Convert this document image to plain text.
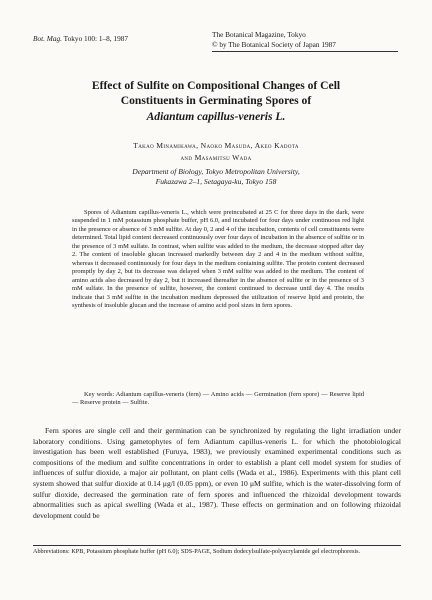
Bot. Mag. Tokyo 100: 1–8, 1987	The Botanical Magazine, Tokyo
© by The Botanical Society of Japan 1987
Effect of Sulfite on Compositional Changes of Cell
Constituents in Germinating Spores of
Adiantum capillus-veneris L.
Takao Minamikawa, Naoko Masuda, Akeo Kadota
and Masamitsu Wada
Department of Biology, Tokyo Metropolitan University,
Fukazawa 2–1, Setagaya-ku, Tokyo 158

Spores of Adiantum capillus-veneris L., which were preincubated at 25 C for three days in the dark, were suspended in 1 mM potassium phosphate buffer, pH 6.0, and incubated for four days under continuous red light in the presence or absence of 3 mM sulfite. At day 0, 2 and 4 of the incubation, contents of cell constituents were determined. Total lipid content decreased continuously over four days of incubation in the absence of sulfite or in the presence of 3 mM sulfate. In contrast, when sulfite was added to the medium, the decrease stopped after day 2. The content of insoluble glucan increased markedly between day 2 and 4 in the medium without sulfite, whereas it decreased continuously for four days in the medium containing sulfite. The protein content decreased promptly by day 2, but its decrease was delayed when 3 mM sulfite was added to the medium. The content of amino acids also decreased by day 2, but it increased thereafter in the absence of sulfite or in the presence of 3 mM sulfate. In the presence of sulfite, however, the content continued to decrease until day 4. The results indicate that 3 mM sulfite in the incubation medium depressed the utilization of reserve lipid and protein, the synthesis of insoluble glucan and the increase of amino acid pool sizes in fern spores.

Key words: Adiantum capillus-veneris (fern) — Amino acids — Germination (fern spore) — Reserve lipid — Reserve protein — Sulfite.

Fern spores are single cell and their germination can be synchronized by regulating the light irradiation under laboratory conditions. Using gametophytes of fern Adiantum capillus-veneris L. for which the photobiological investigation has been well established (Furuya, 1983), we previously examined experimental conditions such as compositions of the medium and sulfite concentrations in order to establish a plant cell model system for studies of influences of sulfur dioxide, a major air pollutant, on plant cells (Wada et al., 1986). Experiments with this plant cell system showed that sulfur dioxide at 0.14 μg/l (0.05 ppm), or even 10 μM sulfite, which is the water-dissolving form of sulfur dioxide, decreased the germination rate of fern spores and influenced the rhizoidal development towards abnormalities such as apical swelling (Wada et al., 1987). These effects on germination and on following rhizoidal development could be

Abbreviations: KPB, Potassium phosphate buffer (pH 6.0); SDS-PAGE, Sodium dodecylsulfate-polyacrylamide gel electrophoresis.
